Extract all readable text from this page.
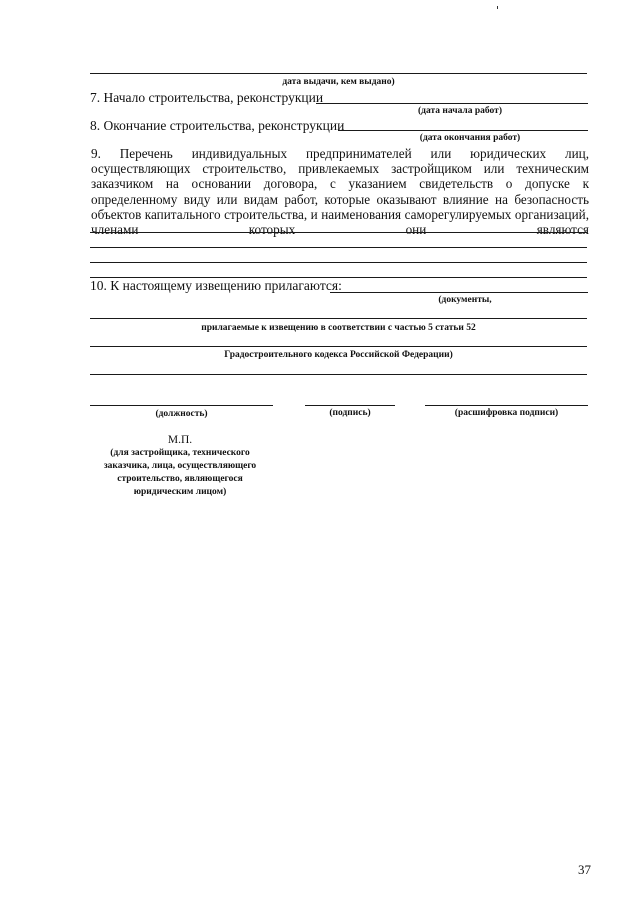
дата выдачи, кем выдано)
7. Начало строительства, реконструкции
(дата начала работ)
8. Окончание строительства, реконструкции
(дата окончания работ)
9. Перечень индивидуальных предпринимателей или юридических лиц, осуществляющих строительство, привлекаемых застройщиком или техническим заказчиком на основании договора, с указанием свидетельств о допуске к определенному виду или видам работ, которые оказывают влияние на безопасность объектов капитального строительства, и наименования саморегулируемых организаций, членами которых они являются
10. К настоящему извещению прилагаются:
(документы,
прилагаемые к извещению в соответствии с частью 5 статьи 52
Градостроительного кодекса Российской Федерации)
(должность)	(подпись)	(расшифровка подписи)
М.П.
(для застройщика, технического заказчика, лица, осуществляющего строительство, являющегося юридическим лицом)
37
